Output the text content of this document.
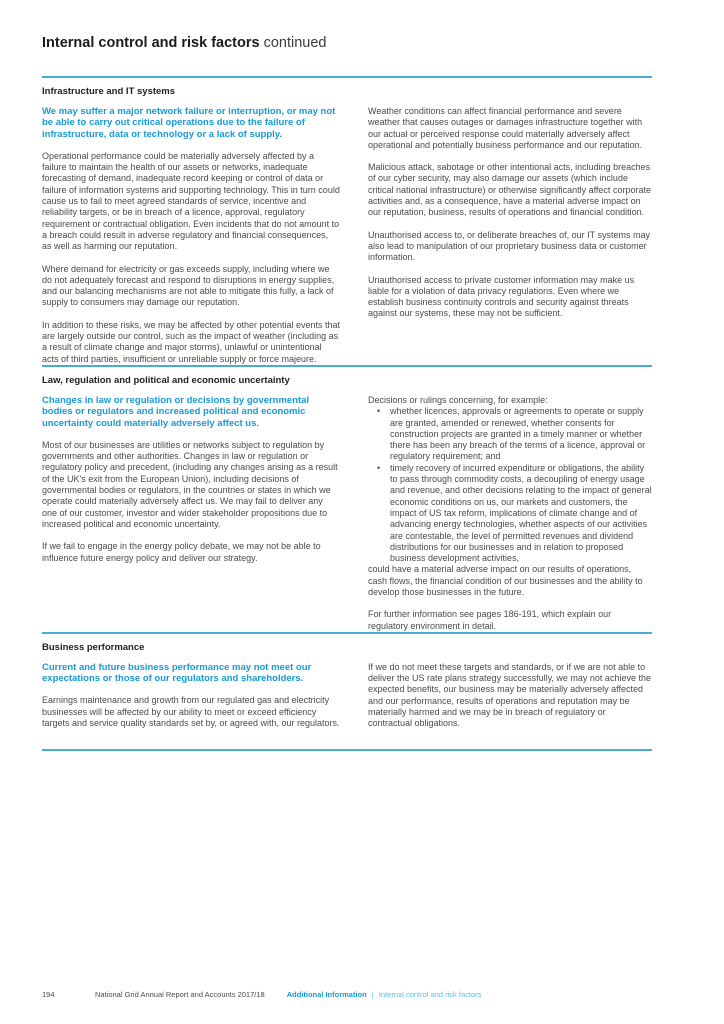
Internal control and risk factors continued
Infrastructure and IT systems
We may suffer a major network failure or interruption, or may not be able to carry out critical operations due to the failure of infrastructure, data or technology or a lack of supply.

Operational performance could be materially adversely affected by a failure to maintain the health of our assets or networks, inadequate forecasting of demand, inadequate record keeping or control of data or failure of information systems and supporting technology. This in turn could cause us to fail to meet agreed standards of service, incentive and reliability targets, or be in breach of a licence, approval, regulatory requirement or contractual obligation. Even incidents that do not amount to a breach could result in adverse regulatory and financial consequences, as well as harming our reputation.

Where demand for electricity or gas exceeds supply, including where we do not adequately forecast and respond to disruptions in energy supplies, and our balancing mechanisms are not able to mitigate this fully, a lack of supply to consumers may damage our reputation.

In addition to these risks, we may be affected by other potential events that are largely outside our control, such as the impact of weather (including as a result of climate change and major storms), unlawful or unintentional acts of third parties, insufficient or unreliable supply or force majeure.

Weather conditions can affect financial performance and severe weather that causes outages or damages infrastructure together with our actual or perceived response could materially adversely affect operational and potentially business performance and our reputation.

Malicious attack, sabotage or other intentional acts, including breaches of our cyber security, may also damage our assets (which include critical national infrastructure) or otherwise significantly affect corporate activities and, as a consequence, have a material adverse impact on our reputation, business, results of operations and financial condition.

Unauthorised access to, or deliberate breaches of, our IT systems may also lead to manipulation of our proprietary business data or customer information.

Unauthorised access to private customer information may make us liable for a violation of data privacy regulations. Even where we establish business continuity controls and security against threats against our systems, these may not be sufficient.

Law, regulation and political and economic uncertainty
Changes in law or regulation or decisions by governmental bodies or regulators and increased political and economic uncertainty could materially adversely affect us.

Most of our businesses are utilities or networks subject to regulation by governments and other authorities. Changes in law or regulation or regulatory policy and precedent, (including any changes arising as a result of the UK's exit from the European Union), including decisions of governmental bodies or regulators, in the countries or states in which we operate could materially adversely affect us. We may fail to deliver any one of our customer, investor and wider stakeholder propositions due to increased political and economic uncertainty.

If we fail to engage in the energy policy debate, we may not be able to influence future energy policy and deliver our strategy.

Decisions or rulings concerning, for example:

•	whether licences, approvals or agreements to operate or supply are granted, amended or renewed, whether consents for construction projects are granted in a timely manner or whether there has been any breach of the terms of a licence, approval or regulatory requirement; and
•	timely recovery of incurred expenditure or obligations, the ability to pass through commodity costs, a decoupling of energy usage and revenue, and other decisions relating to the impact of general economic conditions on us, our markets and customers, the impact of US tax reform, implications of climate change and of advancing energy technologies, whether aspects of our activities are contestable, the level of permitted revenues and dividend distributions for our businesses and in relation to proposed business development activities,

could have a material adverse impact on our results of operations, cash flows, the financial condition of our businesses and the ability to develop those businesses in the future.

For further information see pages 186-191, which explain our regulatory environment in detail.

Business performance
Current and future business performance may not meet our expectations or those of our regulators and shareholders.

Earnings maintenance and growth from our regulated gas and electricity businesses will be affected by our ability to meet or exceed efficiency targets and service quality standards set by, or agreed with, our regulators.

If we do not meet these targets and standards, or if we are not able to deliver the US rate plans strategy successfully, we may not achieve the expected benefits, our business may be materially adversely affected and our performance, results of operations and reputation may be materially harmed and we may be in breach of regulatory or contractual obligations.

194	National Grid Annual Report and Accounts 2017/18	Additional Information | Internal control and risk factors
